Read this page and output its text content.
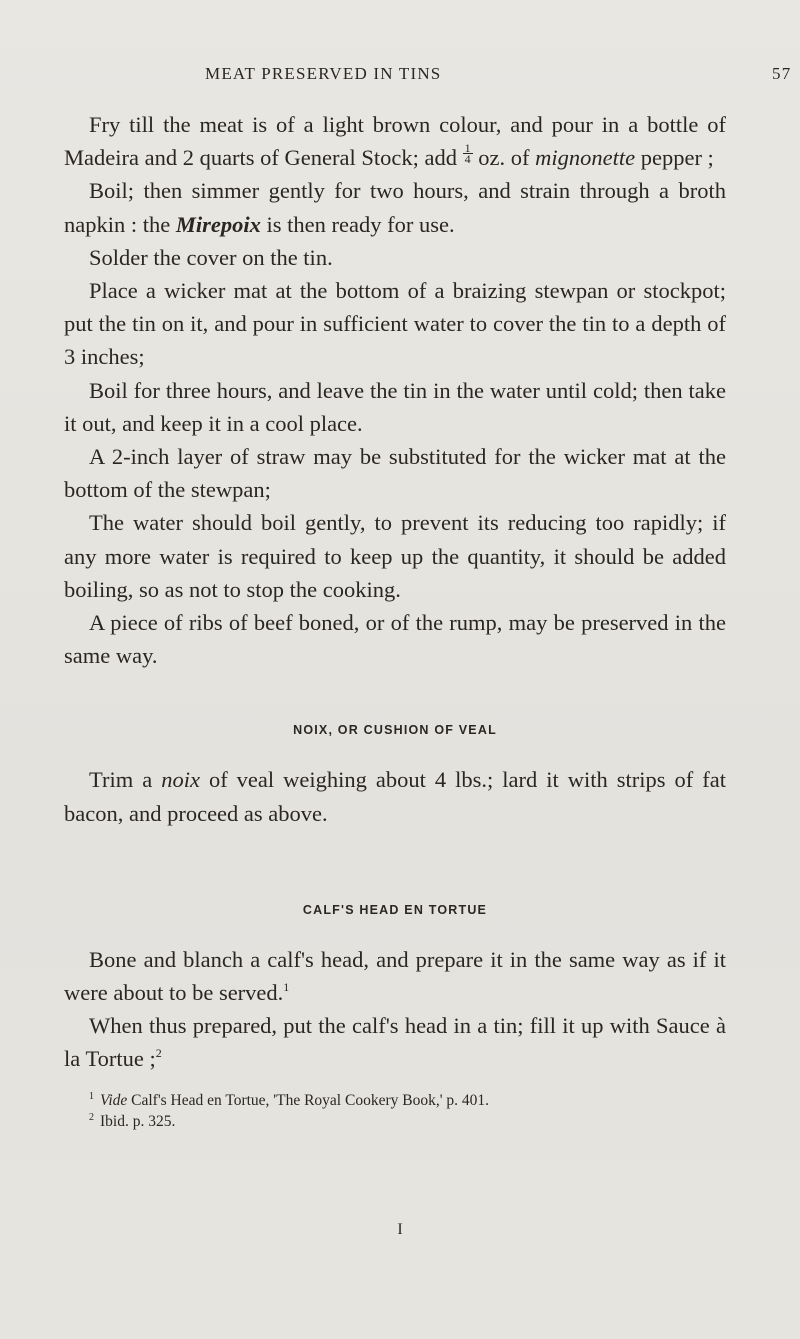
MEAT PRESERVED IN TINS	57

Fry till the meat is of a light brown colour, and pour in a bottle of Madeira and 2 quarts of General Stock; add $\frac{1}{4}$ oz. of mignonette pepper ;

Boil; then simmer gently for two hours, and strain through a broth napkin : the Mirepoix is then ready for use.

Solder the cover on the tin.

Place a wicker mat at the bottom of a braizing stewpan or stockpot; put the tin on it, and pour in sufficient water to cover the tin to a depth of 3 inches;

Boil for three hours, and leave the tin in the water until cold; then take it out, and keep it in a cool place.

A 2-inch layer of straw may be substituted for the wicker mat at the bottom of the stewpan;

The water should boil gently, to prevent its reducing too rapidly; if any more water is required to keep up the quantity, it should be added boiling, so as not to stop the cooking.

A piece of ribs of beef boned, or of the rump, may be preserved in the same way.

NOIX, OR CUSHION OF VEAL

Trim a noix of veal weighing about 4 lbs.; lard it with strips of fat bacon, and proceed as above.

CALF'S HEAD EN TORTUE

Bone and blanch a calf's head, and prepare it in the same way as if it were about to be served.$^1$

When thus prepared, put the calf's head in a tin; fill it up with Sauce à la Tortue ;$^2$

$^1$ Vide Calf's Head en Tortue, 'The Royal Cookery Book,' p. 401.

$^2$ Ibid. p. 325.

I
